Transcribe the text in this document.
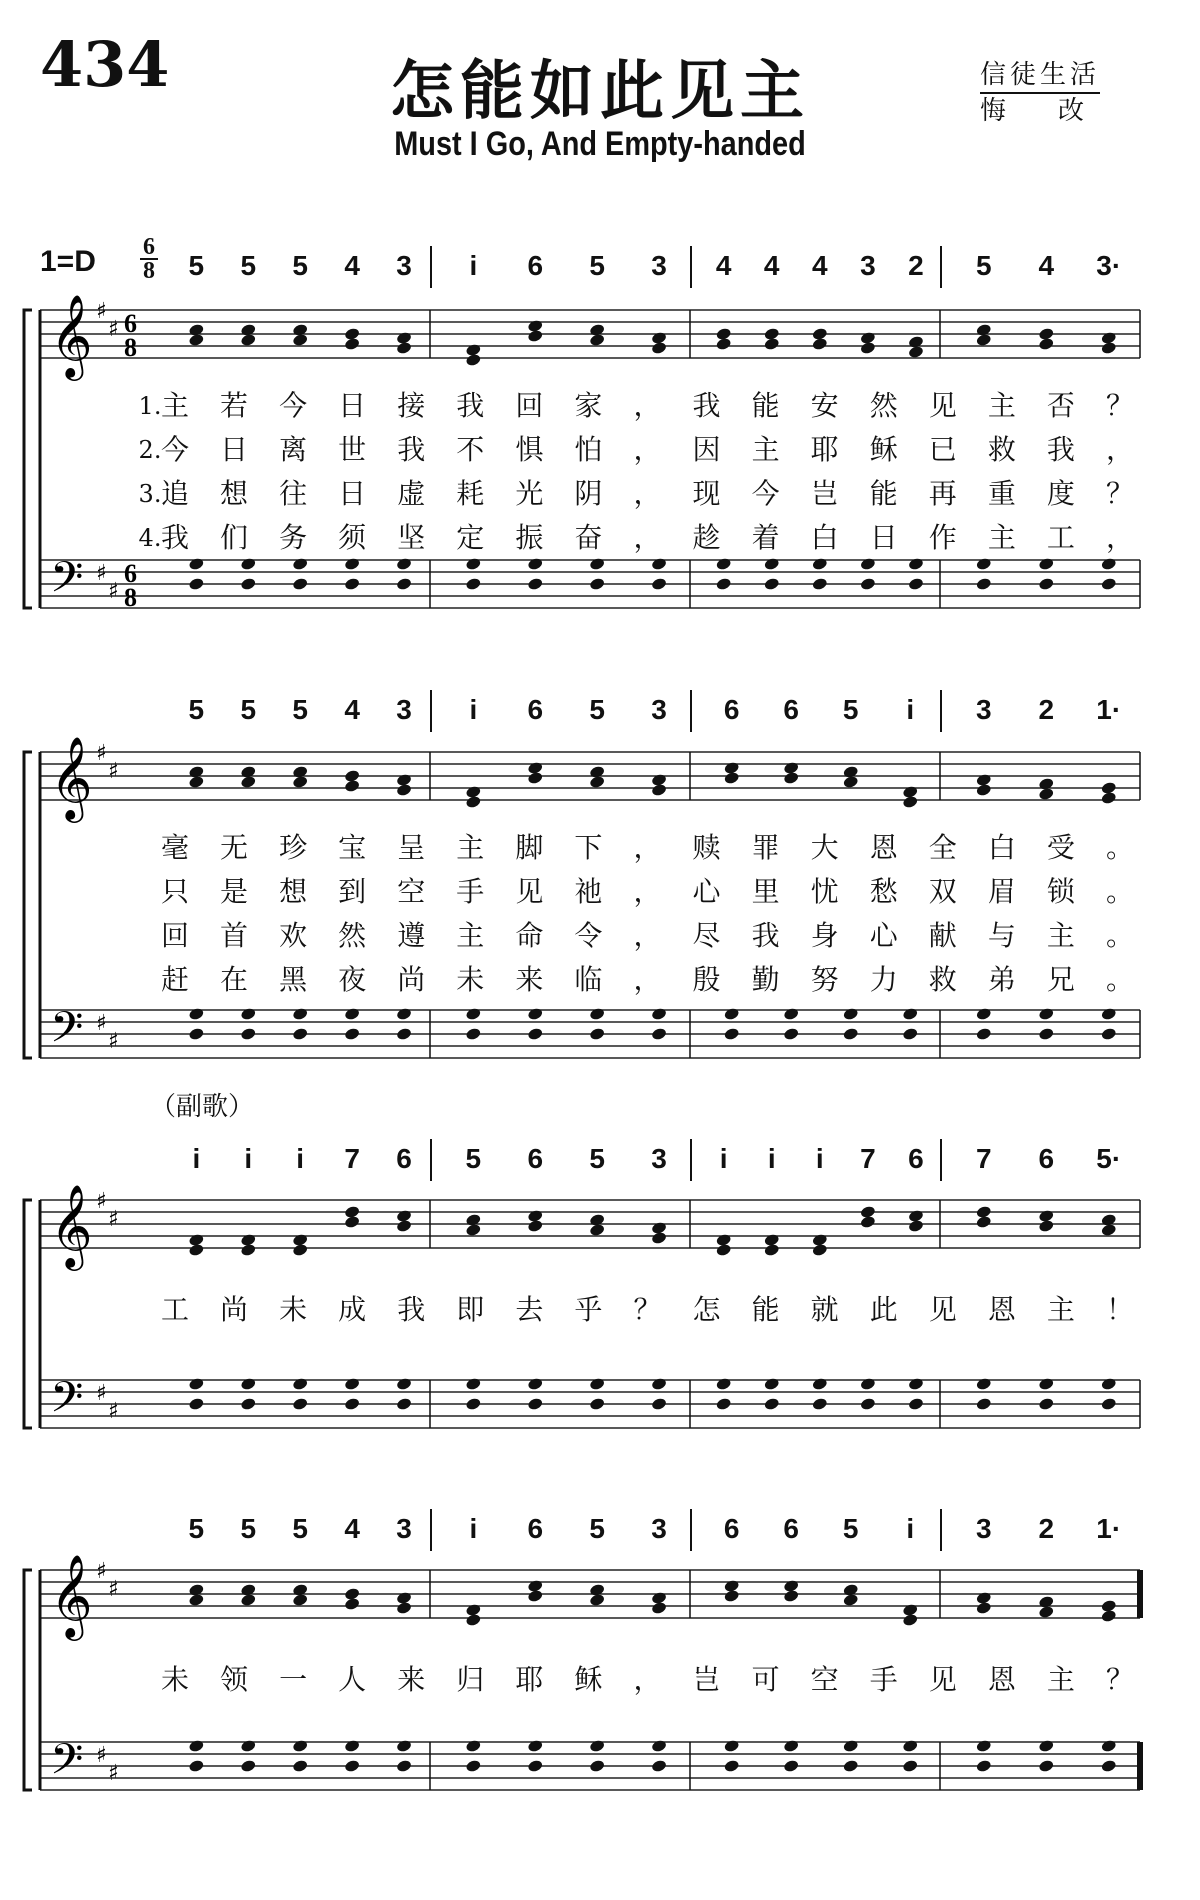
434	怎能如此见主
Must I Go, And Empty-handed
信徒生活
悔改
1=D 6
8
（副歌）
5	5	5	4	3	i	6	5	3	4	4	4	3	2	5	4	3·
𝄞
𝄢
♯
♯
♯
♯
6
8
6
8
1. 主 若 今 日 接 我 回 家 ， 我 能 安 然 见 主 否 ？
2. 今 日 离 世 我 不 惧 怕 ， 因 主 耶 稣 已 救 我 ，
3. 追 想 往 日 虚 耗 光 阴 ， 现 今 岂 能 再 重 度 ？
4. 我 们 务 须 坚 定 振 奋 ， 趁 着 白 日 作 主 工 ，
5	5	5	4	3	i	6	5	3	6	6	5	i	3	2	1·
𝄞
𝄢
♯
♯
♯
♯
毫 无 珍 宝 呈 主 脚 下 ， 赎 罪 大 恩 全 白 受 。
只 是 想 到 空 手 见 祂 ， 心 里 忧 愁 双 眉 锁 。
回 首 欢 然 遵 主 命 令 ， 尽 我 身 心 献 与 主 。
赶 在 黑 夜 尚 未 来 临 ， 殷 勤 努 力 救 弟 兄 。
i	i	i	7	6	5	6	5	3	i	i	i	7	6	7	6	5·
𝄞
𝄢
♯
♯
♯
♯
工 尚 未 成 我 即 去 乎 ？ 怎 能 就 此 见 恩 主 ！
5	5	5	4	3	i	6	5	3	6	6	5	i	3	2	1·
𝄞
𝄢
♯
♯
♯
♯
未 领 一 人 来 归 耶 稣 ， 岂 可 空 手 见 恩 主 ？
